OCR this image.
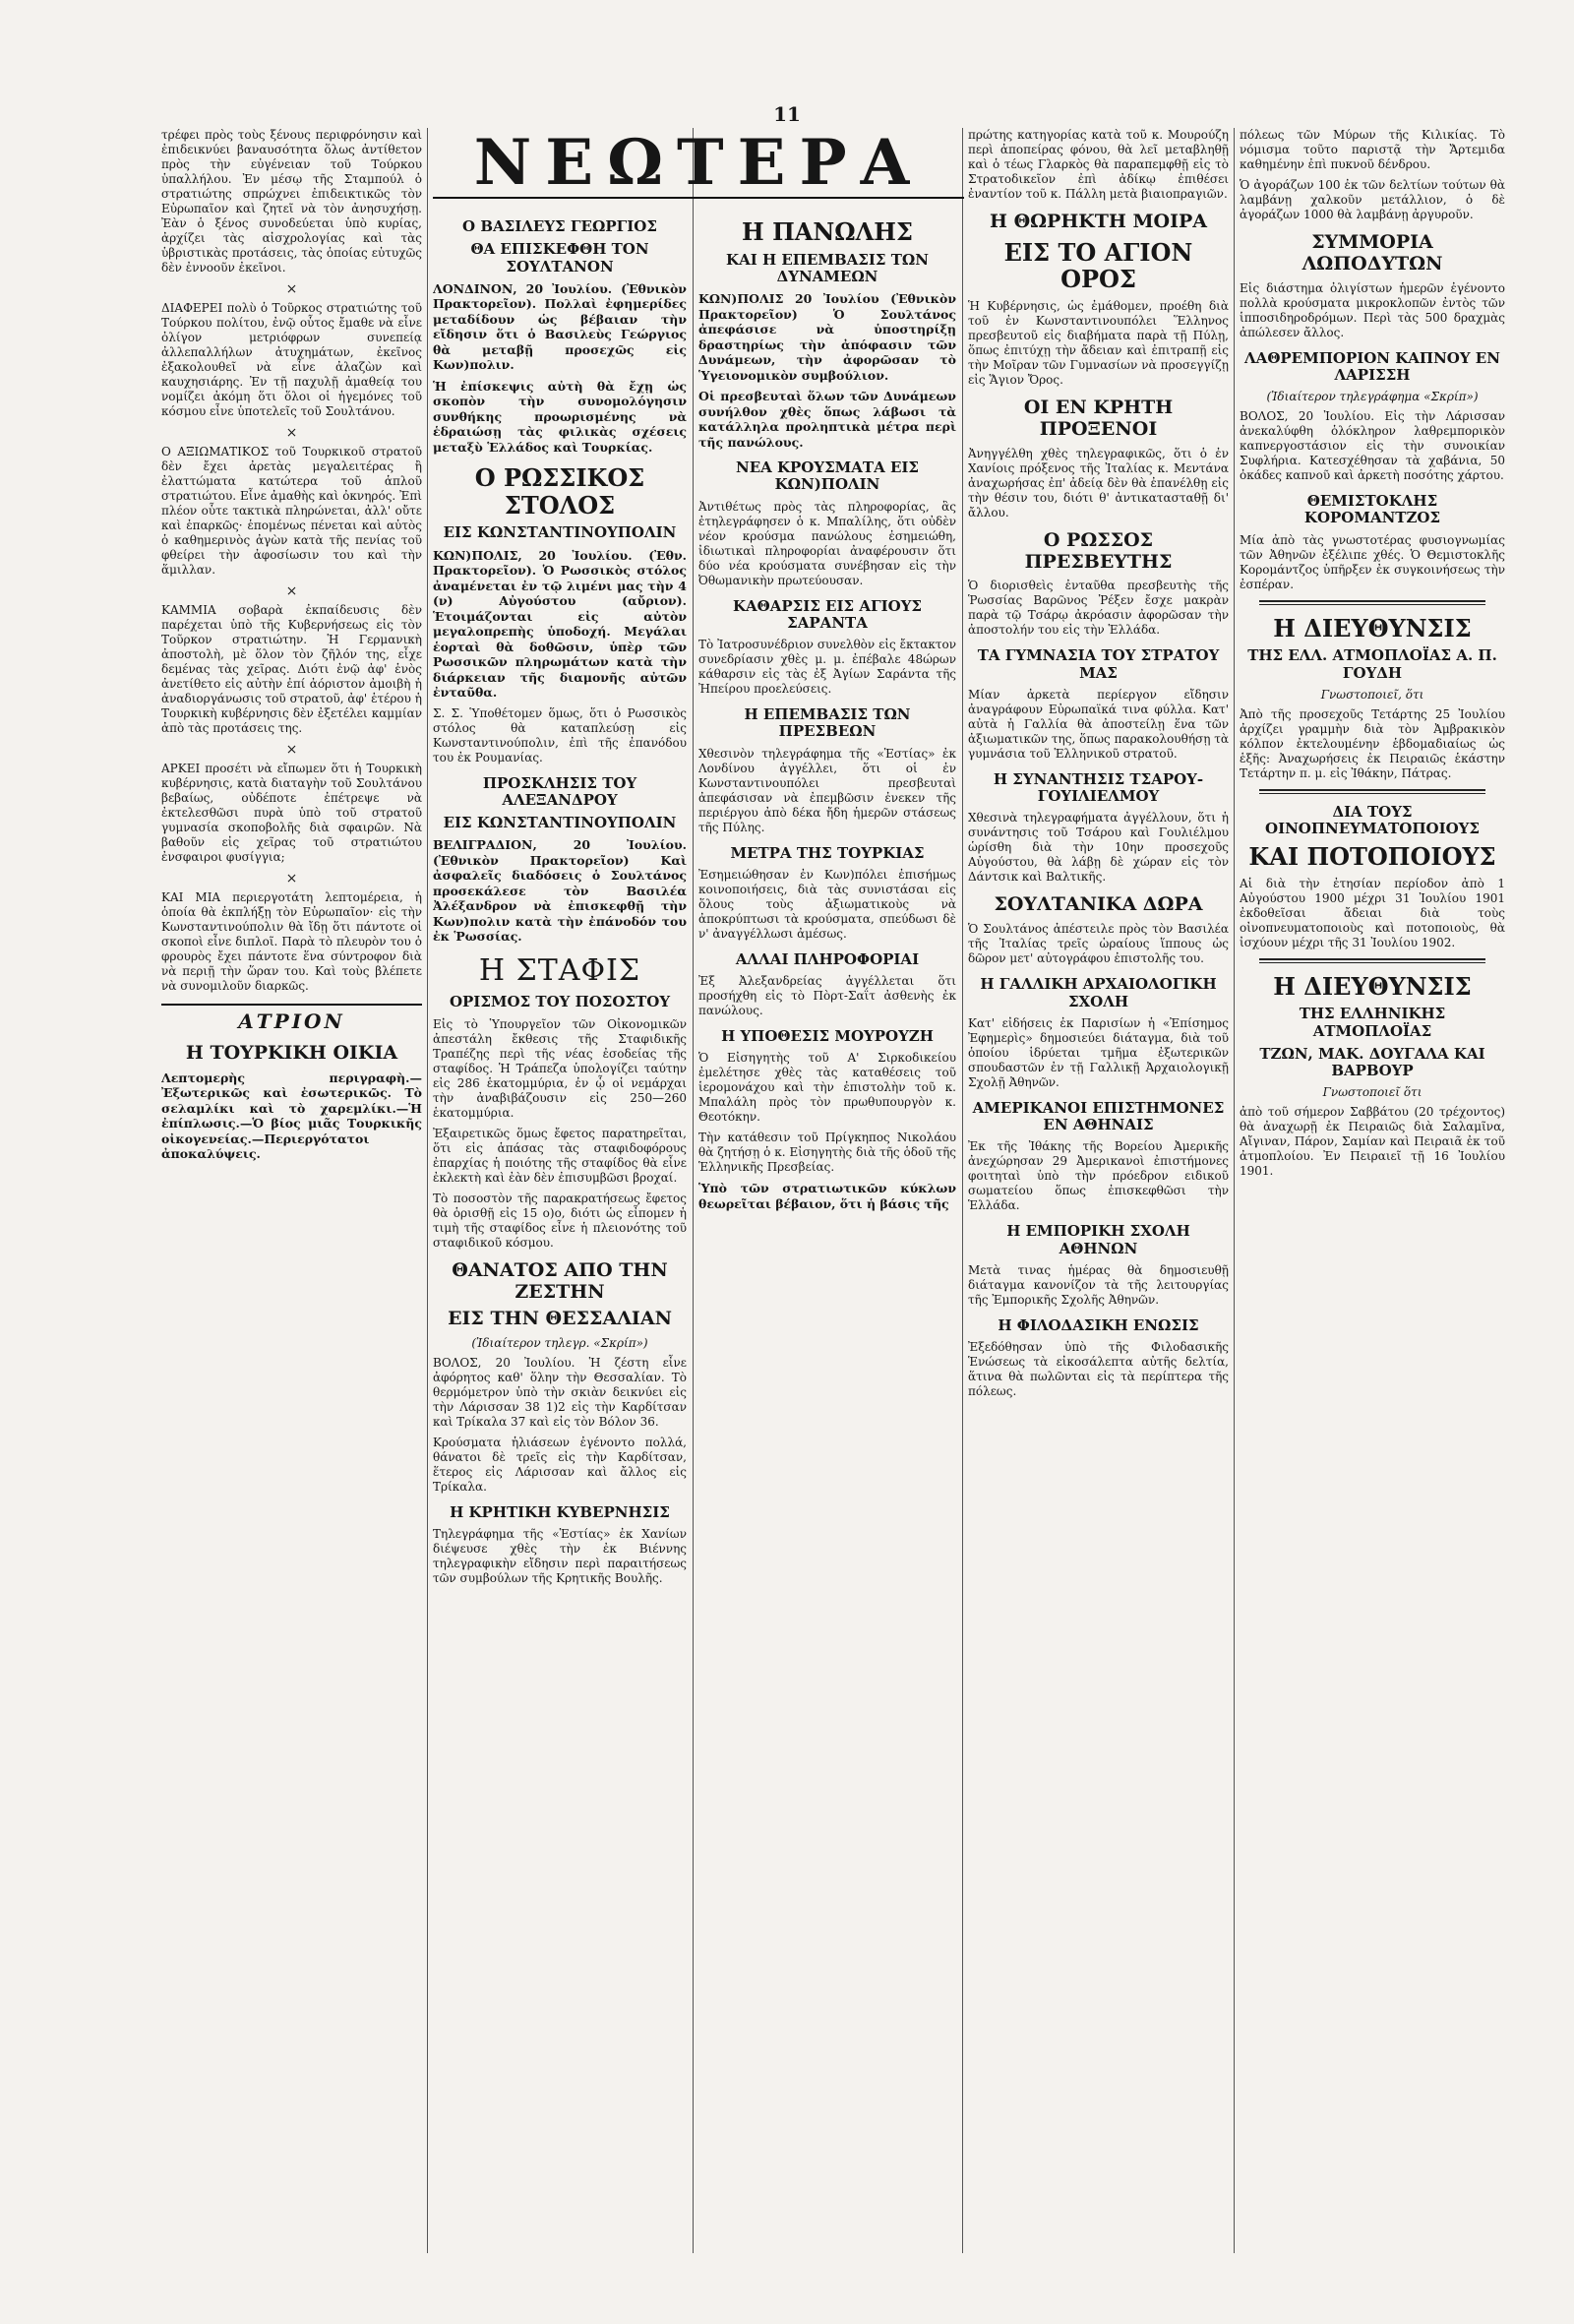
11

τρέφει πρὸς τοὺς ξένους περιφρόνησιν καὶ ἐπιδεικνύει βαναυσότητα ὅλως ἀντίθετον πρὸς τὴν εὐγένειαν τοῦ Τούρκου ὑπαλλήλου. Ἐν μέσῳ τῆς Σταμπούλ ὁ στρατιώτης σπρώχνει ἐπιδεικτικῶς τὸν Εὐρωπαῖον καὶ ζητεῖ νὰ τὸν ἀνησυχήσῃ. Ἐὰν ὁ ξένος συνοδεύεται ὑπὸ κυρίας, ἀρχίζει τὰς αἰσχρολογίας καὶ τὰς ὑβριστικὰς προτάσεις, τὰς ὁποίας εὐτυχῶς δὲν ἐννοοῦν ἐκεῖνοι.

×

ΔΙΑΦΕΡΕΙ πολὺ ὁ Τοῦρκος στρατιώτης τοῦ Τούρκου πολίτου, ἐνῷ οὗτος ἔμαθε νὰ εἶνε ὀλίγον μετριόφρων συνεπείᾳ ἀλλεπαλλήλων ἀτυχημάτων, ἐκεῖνος ἐξακολουθεῖ νὰ εἶνε ἀλαζὼν καὶ καυχησιάρης. Ἐν τῇ παχυλῇ ἀμαθείᾳ του νομίζει ἀκόμη ὅτι ὅλοι οἱ ἡγεμόνες τοῦ κόσμου εἶνε ὑποτελεῖς τοῦ Σουλτάνου.

×

Ο ΑΞΙΩΜΑΤΙΚΟΣ τοῦ Τουρκικοῦ στρατοῦ δὲν ἔχει ἀρετὰς μεγαλειτέρας ἢ ἐλαττώματα κατώτερα τοῦ ἁπλοῦ στρατιώτου. Εἶνε ἀμαθὴς καὶ ὀκνηρός. Ἐπὶ πλέον οὗτε τακτικὰ πληρώνεται, ἀλλ' οὔτε καὶ ἐπαρκῶς· ἑπομένως πένεται καὶ αὐτὸς ὁ καθημερινὸς ἀγὼν κατὰ τῆς πενίας τοῦ φθείρει τὴν ἀφοσίωσιν του καὶ τὴν ἅμιλλαν.

×

ΚΑΜΜΙΑ σοβαρὰ ἐκπαίδευσις δὲν παρέχεται ὑπὸ τῆς Κυβερνήσεως εἰς τὸν Τοῦρκον στρατιώτην. Ἡ Γερμανικὴ ἀποστολὴ, μὲ ὅλον τὸν ζῆλόν της, εἶχε δεμένας τὰς χεῖρας. Διότι ἐνῷ ἀφ' ἑνὸς ἀνετίθετο εἰς αὐτὴν ἐπί ἀόριστον ἀμοιβὴ ἡ ἀναδιοργάνωσις τοῦ στρατοῦ, ἀφ' ἑτέρου ἡ Τουρκικὴ κυβέρνησις δὲν ἐξετέλει καμμίαν ἀπὸ τὰς προτάσεις της.

×

ΑΡΚΕΙ προσέτι νὰ εἴπωμεν ὅτι ἡ Τουρκικὴ κυβέρνησις, κατὰ διαταγὴν τοῦ Σουλτάνου βεβαίως, οὐδέποτε ἐπέτρεψε νὰ ἐκτελεσθῶσι πυρὰ ὑπὸ τοῦ στρατοῦ γυμνασία σκοποβολῆς διὰ σφαιρῶν. Νὰ βαθοῦν εἰς χεῖρας τοῦ στρατιώτου ἐνσφαιροι φυσίγγια;

×

ΚΑΙ ΜΙΑ περιεργοτάτη λεπτομέρεια, ἡ ὁποία θὰ ἐκπλήξῃ τὸν Εὐρωπαῖον· εἰς τὴν Κωνσταντινούπολιν θὰ ἴδῃ ὅτι πάντοτε οἱ σκοποὶ εἶνε διπλοῖ. Παρὰ τὸ πλευρὸν του ὁ φρουρὸς ἔχει πάντοτε ἕνα σύντροφον διὰ νὰ περιῇ τὴν ὥραν του. Καὶ τοὺς βλέπετε νὰ συνομιλοῦν διαρκῶς.

ΑΤΡΙΟΝ
Η ΤΟΥΡΚΙΚΗ ΟΙΚΙΑ

Λεπτομερὴς περιγραφὴ.—Ἐξωτερικῶς καὶ ἐσωτερικῶς. Τὸ σελαμλίκι καὶ τὸ χαρεμλίκι.—Ἡ ἐπίπλωσις.—Ὁ βίος μιᾶς Τουρκικῆς οἰκογενείας.—Περιεργότατοι ἀποκαλύψεις.

ΝΕΩΤΕΡΑ
Ο ΒΑΣΙΛΕΥΣ ΓΕΩΡΓΙΟΣ
ΘΑ ΕΠΙΣΚΕΦΘΗ ΤΟΝ ΣΟΥΛΤΑΝΟΝ

ΛΟΝΔΙΝΟΝ, 20 Ἰουλίου. (Ἐθνικὸν Πρακτορεῖον). Πολλαὶ ἐφημερίδες μεταδίδουν ὡς βέβαιαν τὴν εἴδησιν ὅτι ὁ Βασιλεὺς Γεώργιος θὰ μεταβῇ προσεχῶς εἰς Κων)πολιν.

Ἡ ἐπίσκεψις αὐτὴ θὰ ἔχῃ ὡς σκοπὸν τὴν συνομολόγησιν συνθήκης προωρισμένης νὰ ἑδραιώσῃ τὰς φιλικὰς σχέσεις μεταξὺ Ἑλλάδος καὶ Τουρκίας.

Ο ΡΩΣΣΙΚΟΣ ΣΤΟΛΟΣ
ΕΙΣ ΚΩΝΣΤΑΝΤΙΝΟΥΠΟΛΙΝ

ΚΩΝ)ΠΟΛΙΣ, 20 Ἰουλίου. (Ἐθν. Πρακτορεῖον). Ὁ Ρωσσικὸς στόλος ἀναμένεται ἐν τῷ λιμένι μας τὴν 4 (ν) Αὐγούστου (αὔριον). Ἑτοιμάζονται εἰς αὐτὸν μεγαλοπρεπὴς ὑποδοχή. Μεγάλαι ἑορταὶ θὰ δοθῶσιν, ὑπὲρ τῶν Ρωσσικῶν πληρωμάτων κατὰ τὴν διάρκειαν τῆς διαμονῆς αὐτῶν ἐνταῦθα.

Σ. Σ. Ὑποθέτομεν ὅμως, ὅτι ὁ Ρωσσικὸς στόλος θὰ καταπλεύσῃ εἰς Κωνσταντινούπολιν, ἐπὶ τῆς ἐπανόδου του ἐκ Ρουμανίας.

ΠΡΟΣΚΛΗΣΙΣ ΤΟΥ ΑΛΕΞΑΝΔΡΟΥ
ΕΙΣ ΚΩΝΣΤΑΝΤΙΝΟΥΠΟΛΙΝ

ΒΕΛΙΓΡΑΔΙΟΝ, 20 Ἰουλίου. (Ἐθνικὸν Πρακτορεῖον) Καὶ ἀσφαλεῖς διαδόσεις ὁ Σουλτάνος προσεκάλεσε τὸν Βασιλέα Ἀλέξανδρον νὰ ἐπισκεφθῇ τὴν Κων)πολιν κατὰ τὴν ἐπάνοδόν του ἐκ Ῥωσσίας.

Η ΣΤΑΦΙΣ
ΟΡΙΣΜΟΣ ΤΟΥ ΠΟΣΟΣΤΟΥ

Εἰς τὸ Ὑπουργεῖον τῶν Οἰκονομικῶν ἀπεστάλη ἔκθεσις τῆς Σταφιδικῆς Τραπέζης περὶ τῆς νέας ἐσοδείας τῆς σταφίδος. Ἡ Τράπεζα ὑπολογίζει ταύτην εἰς 286 ἑκατομμύρια, ἐν ᾧ οἱ νεμάρχαι τὴν ἀναβιβάζουσιν εἰς 250—260 ἑκατομμύρια.

Ἐξαιρετικῶς ὅμως ἔφετος παρατηρεῖται, ὅτι εἰς ἁπάσας τὰς σταφιδοφόρους ἐπαρχίας ἡ ποιότης τῆς σταφίδος θὰ εἶνε ἐκλεκτὴ καὶ ἐὰν δὲν ἐπισυμβῶσι βροχαί.

Τὸ ποσοστὸν τῆς παρακρατήσεως ἔφετος θὰ ὁρισθῇ εἰς 15 ο)ο, διότι ὡς εἶπομεν ἡ τιμὴ τῆς σταφίδος εἶνε ἡ πλειονότης τοῦ σταφιδικοῦ κόσμου.

ΘΑΝΑΤΟΣ ΑΠΟ ΤΗΝ ΖΕΣΤΗΝ
ΕΙΣ ΤΗΝ ΘΕΣΣΑΛΙΑΝ
(Ἰδιαίτερον τηλεγρ. «Σκρίπ»)

ΒΟΛΟΣ, 20 Ἰουλίου. Ἡ ζέστη εἶνε ἀφόρητος καθ' ὅλην τὴν Θεσσαλίαν. Τὸ θερμόμετρον ὑπὸ τὴν σκιὰν δεικνύει εἰς τὴν Λάρισσαν 38 1)2 εἰς τὴν Καρδίτσαν καὶ Τρίκαλα 37 καὶ εἰς τὸν Βόλον 36.

Κρούσματα ἡλιάσεων ἐγένοντο πολλά, θάνατοι δὲ τρεῖς εἰς τὴν Καρδίτσαν, ἕτερος εἰς Λάρισσαν καὶ ἄλλος εἰς Τρίκαλα.

Η ΚΡΗΤΙΚΗ ΚΥΒΕΡΝΗΣΙΣ

Τηλεγράφημα τῆς «Ἑστίας» ἐκ Χανίων διέψευσε χθὲς τὴν ἐκ Βιέννης τηλεγραφικὴν εἴδησιν περὶ παραιτήσεως τῶν συμβούλων τῆς Κρητικῆς Βουλῆς.

Η ΠΑΝΩΛΗΣ
ΚΑΙ Η ΕΠΕΜΒΑΣΙΣ ΤΩΝ ΔΥΝΑΜΕΩΝ

ΚΩΝ)ΠΟΛΙΣ 20 Ἰουλίου (Ἐθνικὸν Πρακτορεῖον) Ὁ Σουλτάνος ἀπεφάσισε νὰ ὑποστηρίξῃ δραστηρίως τὴν ἀπόφασιν τῶν Δυνάμεων, τὴν ἀφορῶσαν τὸ Ὑγειονομικὸν συμβούλιον.

Οἱ πρεσβευταὶ ὅλων τῶν Δυνάμεων συνήλθον χθὲς ὅπως λάβωσι τὰ κατάλληλα προληπτικὰ μέτρα περὶ τῆς πανώλους.

ΝΕΑ ΚΡΟΥΣΜΑΤΑ ΕΙΣ ΚΩΝ)ΠΟΛΙΝ

Ἀντιθέτως πρὸς τὰς πληροφορίας, ἃς ἐτηλεγράφησεν ὁ κ. Μπαλίλης, ὅτι οὐδὲν νέον κρούσμα πανώλους ἐσημειώθη, ἰδιωτικαὶ πληροφορίαι ἀναφέρουσιν ὅτι δύο νέα κρούσματα συνέβησαν εἰς τὴν Ὀθωμανικὴν πρωτεύουσαν.

ΚΑΘΑΡΣΙΣ ΕΙΣ ΑΓΙΟΥΣ ΣΑΡΑΝΤΑ

Τὸ Ἰατροσυνέδριον συνελθὸν εἰς ἔκτακτον συνεδρίασιν χθὲς μ. μ. ἐπέβαλε 48ώρων κάθαρσιν εἰς τὰς ἐξ Ἀγίων Σαράντα τῆς Ἠπείρου προελεύσεις.

Η ΕΠΕΜΒΑΣΙΣ ΤΩΝ ΠΡΕΣΒΕΩΝ

Χθεσινὸν τηλεγράφημα τῆς «Ἑστίας» ἐκ Λονδίνου ἀγγέλλει, ὅτι οἱ ἐν Κωνσταντινουπόλει πρεσβευταὶ ἀπεφάσισαν νὰ ἐπεμβῶσιν ἐνεκεν τῆς περιέργου ἀπὸ δέκα ἤδη ἡμερῶν στάσεως τῆς Πύλης.

ΜΕΤΡΑ ΤΗΣ ΤΟΥΡΚΙΑΣ

Ἐσημειώθησαν ἐν Κων)πόλει ἐπισήμως κοινοποιήσεις, διὰ τὰς συνιστάσαι εἰς ὅλους τοὺς ἀξιωματικοὺς νὰ ἀποκρύπτωσι τὰ κρούσματα, σπεύδωσι δὲ ν' ἀναγγέλλωσι ἀμέσως.

ΑΛΛΑΙ ΠΛΗΡΟΦΟΡΙΑΙ

Ἐξ Ἀλεξανδρείας ἀγγέλλεται ὅτι προσήχθη εἰς τὸ Πὸρτ-Σαΐτ ἀσθενὴς ἐκ πανώλους.

Η ΥΠΟΘΕΣΙΣ ΜΟΥΡΟΥΖΗ

Ὁ Εἰσηγητὴς τοῦ Α' Σιρκοδικείου ἐμελέτησε χθὲς τὰς καταθέσεις τοῦ ἱερομονάχου καὶ τὴν ἐπιστολὴν τοῦ κ. Μπαλάλη πρὸς τὸν πρωθυπουργὸν κ. Θεοτόκην.

Τὴν κατάθεσιν τοῦ Πρίγκηπος Νικολάου θὰ ζητήσῃ ὁ κ. Εἰσηγητὴς διὰ τῆς ὁδοῦ τῆς Ἑλληνικῆς Πρεσβείας.

Ὑπὸ τῶν στρατιωτικῶν κύκλων θεωρεῖται βέβαιον, ὅτι ἡ βάσις τῆς

πρώτης κατηγορίας κατὰ τοῦ κ. Μουρούζη περὶ ἀποπείρας φόνου, θὰ λεῖ μεταβληθῇ καὶ ὁ τέως Γλαρκὸς θὰ παραπεμφθῇ εἰς τὸ Στρατοδικεῖον ἐπὶ ἀδίκῳ ἐπιθέσει ἐναντίον τοῦ κ. Πάλλη μετὰ βιαιοπραγιῶν.

Η ΘΩΡΗΚΤΗ ΜΟΙΡΑ
ΕΙΣ ΤΟ ΑΓΙΟΝ ΟΡΟΣ

Ἡ Κυβέρνησις, ὡς ἐμάθομεν, προέθη διὰ τοῦ ἐν Κωνσταντινουπόλει Ἕλληνος πρεσβευτοῦ εἰς διαβήματα παρὰ τῇ Πύλῃ, ὅπως ἐπιτύχῃ τὴν ἄδειαν καὶ ἐπιτραπῇ εἰς τὴν Μοῖραν τῶν Γυμνασίων νὰ προσεγγίζῃ εἰς Ἅγιον Ὄρος.

ΟΙ ΕΝ ΚΡΗΤΗ ΠΡΟΞΕΝΟΙ

Ἀνηγγέλθη χθὲς τηλεγραφικῶς, ὅτι ὁ ἐν Χανίοις πρόξενος τῆς Ἰταλίας κ. Μεντάνα ἀναχωρήσας ἐπ' ἀδείᾳ δὲν θὰ ἐπανέλθῃ εἰς τὴν θέσιν του, διότι θ' ἀντικατασταθῇ δι' ἄλλου.

Ο ΡΩΣΣΟΣ ΠΡΕΣΒΕΥΤΗΣ

Ὁ διορισθεὶς ἐνταῦθα πρεσβευτὴς τῆς Ῥωσσίας Βαρῶνος Ῥέξεν ἔσχε μακρὰν παρὰ τῷ Τσάρῳ ἀκρόασιν ἀφορῶσαν τὴν ἀποστολήν του εἰς τὴν Ἑλλάδα.

ΤΑ ΓΥΜΝΑΣΙΑ ΤΟΥ ΣΤΡΑΤΟΥ ΜΑΣ

Μίαν ἀρκετὰ περίεργον εἴδησιν ἀναγράφουν Εὐρωπαϊκά τινα φύλλα. Κατ' αὐτὰ ἡ Γαλλία θὰ ἀποστείλῃ ἕνα τῶν ἀξιωματικῶν της, ὅπως παρακολουθήσῃ τὰ γυμνάσια τοῦ Ἑλληνικοῦ στρατοῦ.

Η ΣΥΝΑΝΤΗΣΙΣ ΤΣΑΡΟΥ-ΓΟΥΙΛΙΕΛΜΟΥ

Χθεσινὰ τηλεγραφήματα ἀγγέλλουν, ὅτι ἡ συνάντησις τοῦ Τσάρου καὶ Γουλιέλμου ὡρίσθη διὰ τὴν 10ην προσεχοῦς Αὐγούστου, θὰ λάβῃ δὲ χώραν εἰς τὸν Δάντσικ καὶ Βαλτικῆς.

ΣΟΥΛΤΑΝΙΚΑ ΔΩΡΑ

Ὁ Σουλτάνος ἀπέστειλε πρὸς τὸν Βασιλέα τῆς Ἰταλίας τρεῖς ὡραίους ἵππους ὡς δῶρον μετ' αὐτογράφου ἐπιστολῆς του.

Η ΓΑΛΛΙΚΗ ΑΡΧΑΙΟΛΟΓΙΚΗ ΣΧΟΛΗ

Κατ' εἰδήσεις ἐκ Παρισίων ἡ «Ἐπίσημος Ἐφημερὶς» δημοσιεύει διάταγμα, διὰ τοῦ ὁποίου ἱδρύεται τμῆμα ἐξωτερικῶν σπουδαστῶν ἐν τῇ Γαλλικῇ Ἀρχαιολογικῇ Σχολῇ Ἀθηνῶν.

ΑΜΕΡΙΚΑΝΟΙ ΕΠΙΣΤΗΜΟΝΕΣ ΕΝ ΑΘΗΝΑΙΣ

Ἐκ τῆς Ἰθάκης τῆς Βορείου Ἀμερικῆς ἀνεχώρησαν 29 Ἀμερικανοὶ ἐπιστήμονες φοιτηταὶ ὑπὸ τὴν πρόεδρον ειδικοῦ σωματείου ὅπως ἐπισκεφθῶσι τὴν Ἑλλάδα.

Η ΕΜΠΟΡΙΚΗ ΣΧΟΛΗ ΑΘΗΝΩΝ

Μετὰ τινας ἡμέρας θὰ δημοσιευθῇ διάταγμα κανονίζον τὰ τῆς λειτουργίας τῆς Ἐμπορικῆς Σχολῆς Ἀθηνῶν.

Η ΦΙΛΟΔΑΣΙΚΗ ΕΝΩΣΙΣ

Ἐξεδόθησαν ὑπὸ τῆς Φιλοδασικῆς Ἑνώσεως τὰ εἰκοσάλεπτα αὐτῆς δελτία, ἅτινα θὰ πωλῶνται εἰς τὰ περίπτερα τῆς πόλεως.

πόλεως τῶν Μύρων τῆς Κιλικίας. Τὸ νόμισμα τοῦτο παριστᾷ τὴν Ἄρτεμιδα καθημένην ἐπὶ πυκνοῦ δένδρου.

Ὁ ἀγοράζων 100 ἐκ τῶν δελτίων τούτων θὰ λαμβάνῃ χαλκοῦν μετάλλιον, ὁ δὲ ἀγοράζων 1000 θὰ λαμβάνῃ ἀργυροῦν.

ΣΥΜΜΟΡΙΑ ΛΩΠΟΔΥΤΩΝ

Εἰς διάστημα ὀλιγίστων ἡμερῶν ἐγένοντο πολλὰ κρούσματα μικροκλοπῶν ἐντὸς τῶν ἱπποσιδηροδρόμων. Περὶ τὰς 500 δραχμὰς ἀπώλεσεν ἄλλος.

ΛΑΘΡΕΜΠΟΡΙΟΝ ΚΑΠΝΟΥ ΕΝ ΛΑΡΙΣΣΗ
(Ἰδιαίτερον τηλεγράφημα «Σκρίπ»)

ΒΟΛΟΣ, 20 Ἰουλίου. Εἰς τὴν Λάρισσαν ἀνεκαλύφθη ὁλόκληρον λαθρεμπορικὸν καπνεργοστάσιον εἰς τὴν συνοικίαν Συφλήρια. Κατεσχέθησαν τὰ χαβάνια, 50 ὀκάδες καπνοῦ καὶ ἀρκετὴ ποσότης χάρτου.

ΘΕΜΙΣΤΟΚΛΗΣ ΚΟΡΟΜΑΝΤΖΟΣ

Μία ἀπὸ τὰς γνωστοτέρας φυσιογνωμίας τῶν Ἀθηνῶν ἐξέλιπε χθές. Ὁ Θεμιστοκλῆς Κορομάντζος ὑπῆρξεν ἐκ συγκοινήσεως τὴν ἐσπέραν.

Η ΔΙΕΥΘΥΝΣΙΣ
ΤΗΣ ΕΛΛ. ΑΤΜΟΠΛΟΪΑΣ Α. Π. ΓΟΥΔΗ
Γνωστοποιεῖ, ὅτι

Ἀπὸ τῆς προσεχοῦς Τετάρτης 25 Ἰουλίου ἀρχίζει γραμμὴν διὰ τὸν Ἀμβρακικὸν κόλπον ἐκτελουμένην ἑβδομαδιαίως ὡς ἑξῆς: Ἀναχωρήσεις ἐκ Πειραιῶς ἑκάστην Τετάρτην π. μ. εἰς Ἰθάκην, Πάτρας.

ΔΙΑ ΤΟΥΣ ΟΙΝΟΠΝΕΥΜΑΤΟΠΟΙΟΥΣ
ΚΑΙ ΠΟΤΟΠΟΙΟΥΣ

Αἱ διὰ τὴν ἐτησίαν περίοδον ἀπὸ 1 Αὐγούστου 1900 μέχρι 31 Ἰουλίου 1901 ἐκδοθεῖσαι ἄδειαι διὰ τοὺς οἰνοπνευματοποιοὺς καὶ ποτοποιοὺς, θὰ ἰσχύουν μέχρι τῆς 31 Ἰουλίου 1902.

Η ΔΙΕΥΘΥΝΣΙΣ
ΤΗΣ ΕΛΛΗΝΙΚΗΣ ΑΤΜΟΠΛΟΪΑΣ
ΤΖΩΝ, ΜΑΚ. ΔΟΥΓΑΛΑ ΚΑΙ ΒΑΡΒΟΥΡ
Γνωστοποιεῖ ὅτι

ἀπὸ τοῦ σήμερον Σαββάτου (20 τρέχοντος) θὰ ἀναχωρῇ ἐκ Πειραιῶς διὰ Σαλαμῖνα, Αἴγιναν, Πάρον, Σαμίαν καὶ Πειραιᾶ ἐκ τοῦ ἀτμοπλοίου. Ἐν Πειραιεῖ τῇ 16 Ἰουλίου 1901.
